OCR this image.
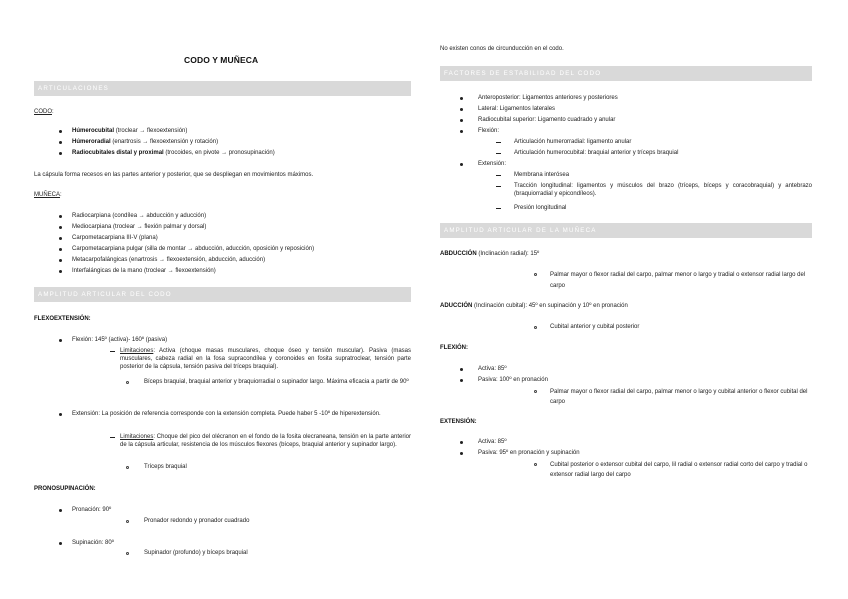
CODO Y MUÑECA
ARTICULACIONES
CODO:
Húmerocubital (troclear → flexoextensión)
Húmeroradial (enartrosis → flexoextensión y rotación)
Radiocubitales distal y proximal (trocoides, en pivote → pronosupinación)
La cápsula forma recesos en las partes anterior y posterior, que se despliegan en movimientos máximos.
MUÑECA:
Radiocarpiana (condílea → abducción y aducción)
Mediocarpiana (troclear → flexión palmar y dorsal)
Carpometacarpiana III-V (plana)
Carpometacarpiana pulgar (silla de montar → abducción, aducción, oposición y reposición)
Metacarpofalángicas (enartrosis → flexoextensión, abducción, aducción)
Interfalángicas de la mano (troclear → flexoextensión)
AMPLITUD ARTICULAR DEL CODO
FLEXOEXTENSIÓN:
Flexión: 145º (activa)- 160º (pasiva)
Limitaciones: Activa (choque masas musculares, choque óseo y tensión muscular). Pasiva (masas musculares, cabeza radial en la fosa supracondílea y coronoides en fosita supratroclear, tensión parte posterior de la cápsula, tensión pasiva del tríceps braquial).
Bíceps braquial, braquial anterior y braquiorradial o supinador largo. Máxima eficacia a partir de 90º
Extensión: La posición de referencia corresponde con la extensión completa. Puede haber 5 -10º de hiperextensión.
Limitaciones: Choque del pico del olécranon en el fondo de la fosita olecraneana, tensión en la parte anterior de la cápsula articular, resistencia de los músculos flexores (bíceps, braquial anterior y supinador largo).
Tríceps braquial
PRONOSUPINACIÓN:
Pronación: 90º
Pronador redondo y pronador cuadrado
Supinación: 80º
Supinador (profundo) y bíceps braquial
No existen conos de circunducción en el codo.
FACTORES DE ESTABILIDAD DEL CODO
Anteroposterior: Ligamentos anteriores y posteriores
Lateral: Ligamentos laterales
Radiocubital superior: Ligamento cuadrado y anular
Flexión:
Articulación humerorradial: ligamento anular
Articulación humerocubital: braquial anterior y tríceps braquial
Extensión:
Membrana interósea
Tracción longitudinal: ligamentos y músculos del brazo (tríceps, bíceps y coracobraquial) y antebrazo (braquiorradial y epicondíleos).
Presión longitudinal
AMPLITUD ARTICULAR DE LA MUÑECA
ABDUCCIÓN (Inclinación radial): 15º
Palmar mayor o flexor radial del carpo, palmar menor o largo y tradial o extensor radial largo del carpo
ADUCCIÓN (Inclinación cubital): 45º en supinación y 10º en pronación
Cubital anterior y cubital posterior
FLEXIÓN:
Activa: 85º
Pasiva: 100º en pronación
Palmar mayor o flexor radial del carpo, palmar menor o largo y cubital anterior o flexor cubital del carpo
EXTENSIÓN:
Activa: 85º
Pasiva: 95º en pronación y supinación
Cubital posterior o extensor cubital del carpo, lil radial o extensor radial corto del carpo y tradial o extensor radial largo del carpo
